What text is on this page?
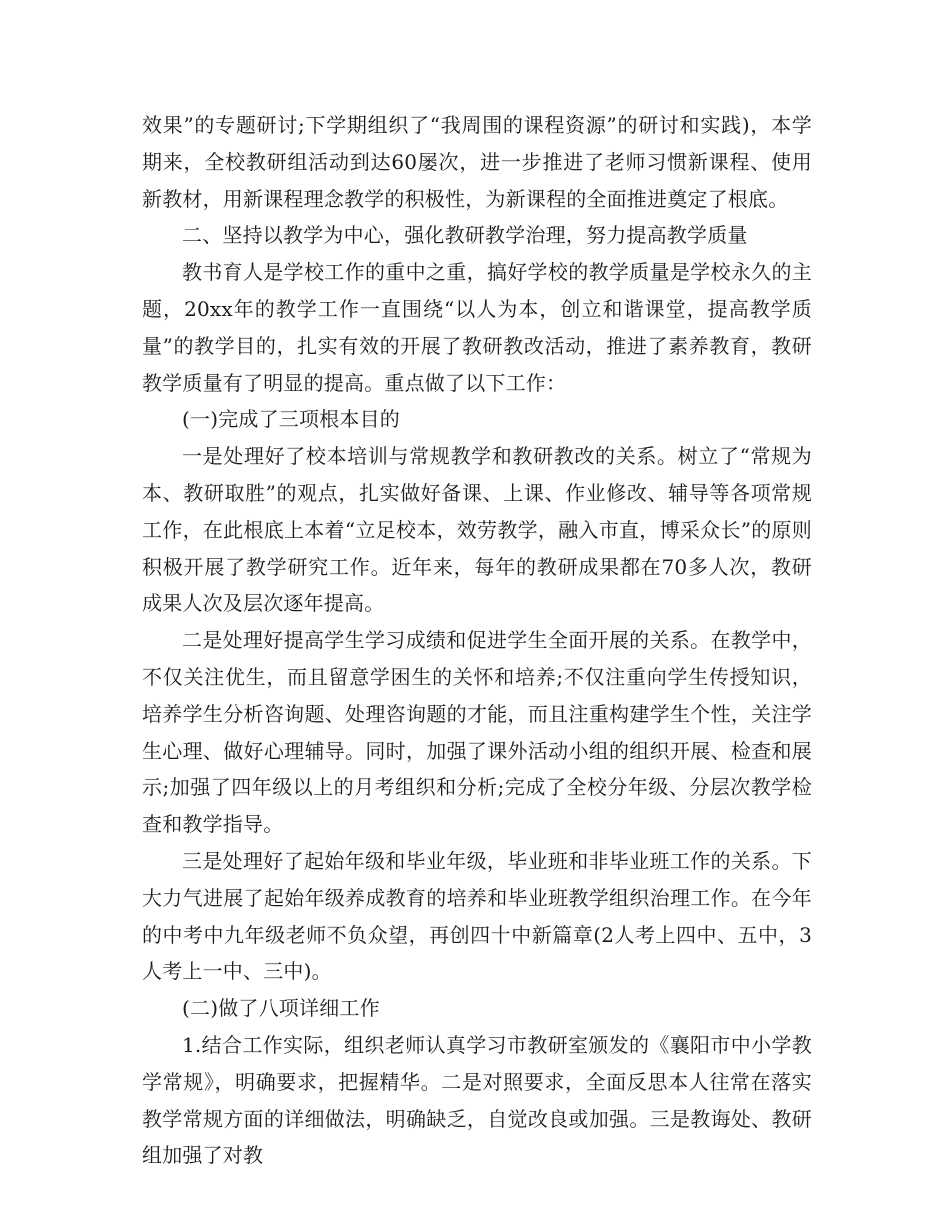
效果”的专题研讨;下学期组织了“我周围的课程资源”的研讨和实践)，本学期来，全校教研组活动到达60屡次，进一步推进了老师习惯新课程、使用新教材，用新课程理念教学的积极性，为新课程的全面推进奠定了根底。

二、坚持以教学为中心，强化教研教学治理，努力提高教学质量

教书育人是学校工作的重中之重，搞好学校的教学质量是学校永久的主题，20xx年的教学工作一直围绕“以人为本，创立和谐课堂，提高教学质量”的教学目的，扎实有效的开展了教研教改活动，推进了素养教育，教研教学质量有了明显的提高。重点做了以下工作：

(一)完成了三项根本目的

一是处理好了校本培训与常规教学和教研教改的关系。树立了“常规为本、教研取胜”的观点，扎实做好备课、上课、作业修改、辅导等各项常规工作，在此根底上本着“立足校本，效劳教学，融入市直，博采众长”的原则积极开展了教学研究工作。近年来，每年的教研成果都在70多人次，教研成果人次及层次逐年提高。

二是处理好提高学生学习成绩和促进学生全面开展的关系。在教学中，不仅关注优生，而且留意学困生的关怀和培养;不仅注重向学生传授知识，培养学生分析咨询题、处理咨询题的才能，而且注重构建学生个性，关注学生心理、做好心理辅导。同时，加强了课外活动小组的组织开展、检查和展示;加强了四年级以上的月考组织和分析;完成了全校分年级、分层次教学检查和教学指导。

三是处理好了起始年级和毕业年级，毕业班和非毕业班工作的关系。下大力气进展了起始年级养成教育的培养和毕业班教学组织治理工作。在今年的中考中九年级老师不负众望，再创四十中新篇章(2人考上四中、五中，3人考上一中、三中)。

(二)做了八项详细工作

1.结合工作实际，组织老师认真学习市教研室颁发的《襄阳市中小学教学常规》，明确要求，把握精华。二是对照要求，全面反思本人往常在落实教学常规方面的详细做法，明确缺乏，自觉改良或加强。三是教诲处、教研组加强了对教
